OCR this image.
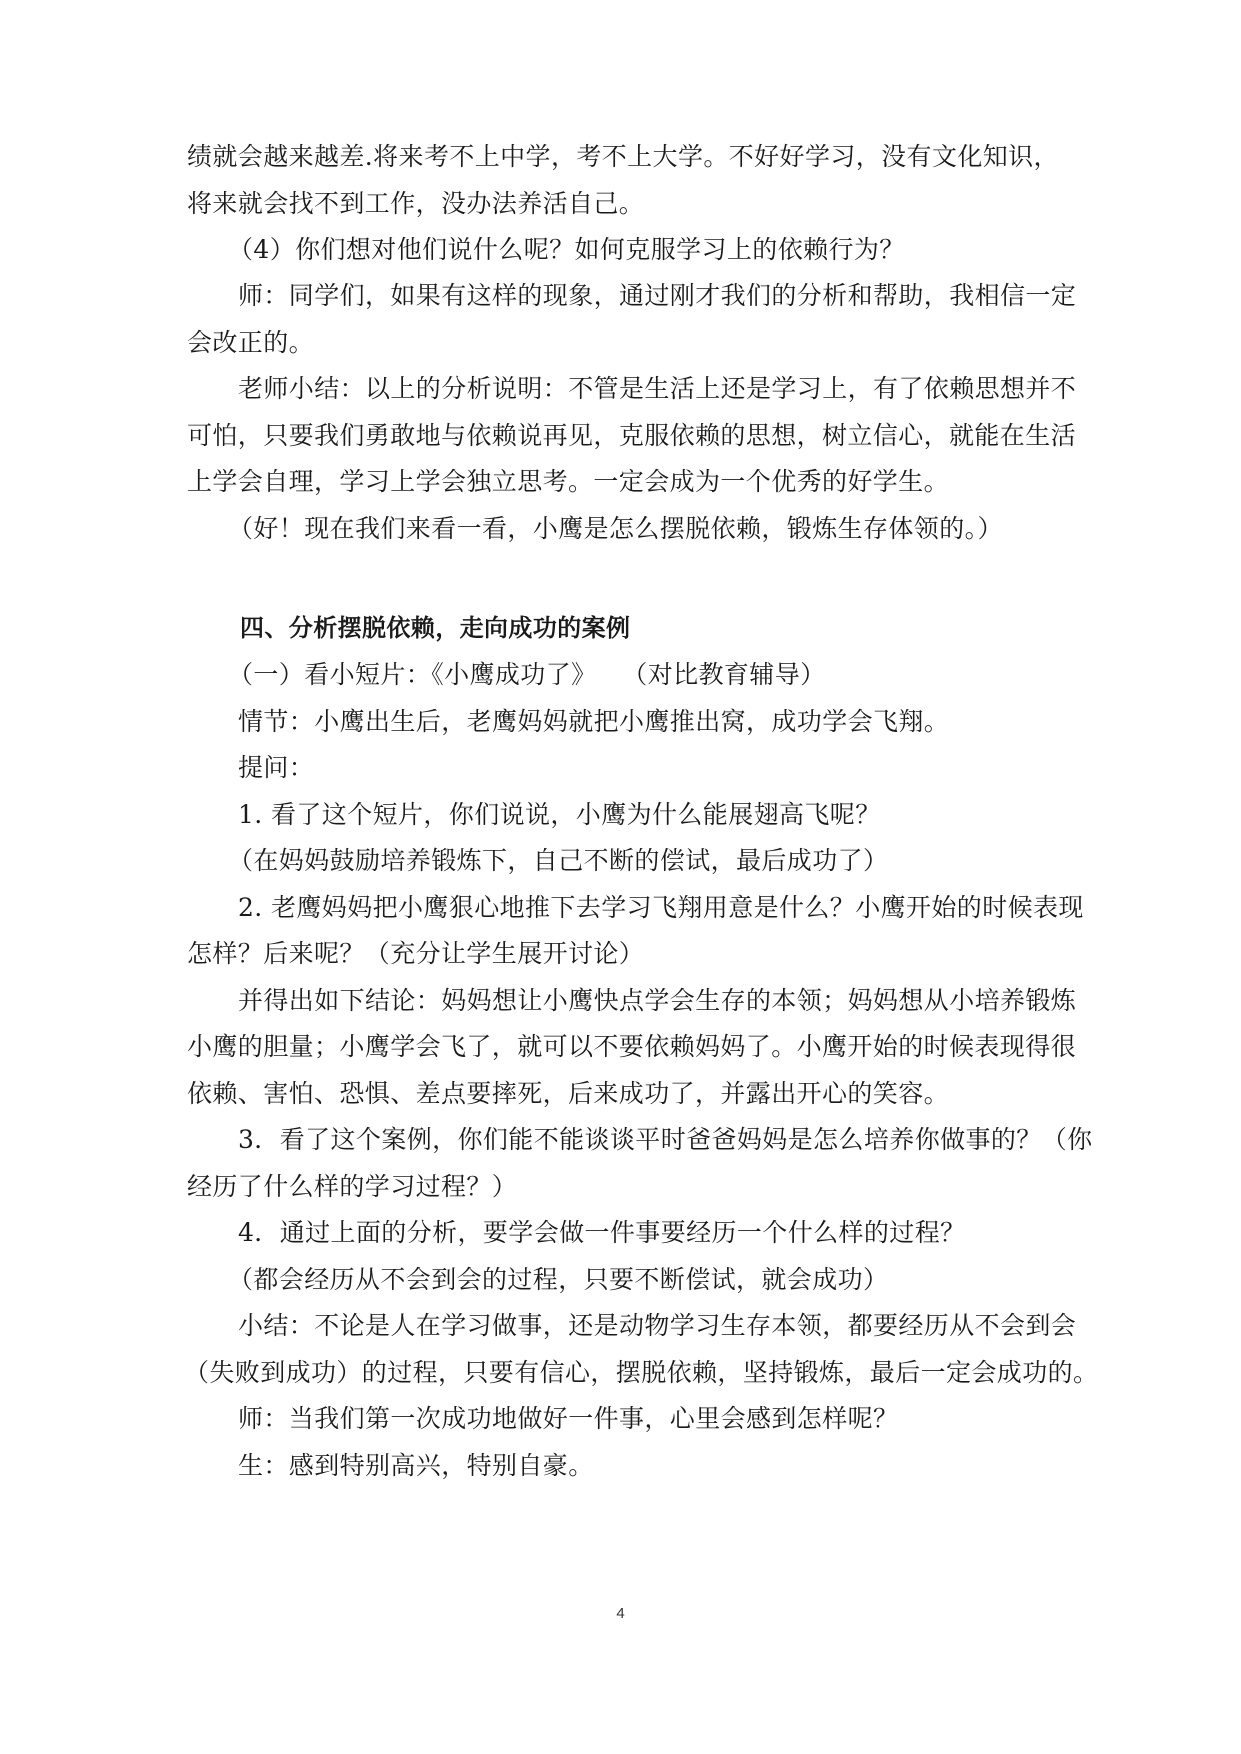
绩就会越来越差.将来考不上中学，考不上大学。不好好学习，没有文化知识，
将来就会找不到工作，没办法养活自己。
（4）你们想对他们说什么呢？如何克服学习上的依赖行为？
师：同学们，如果有这样的现象，通过刚才我们的分析和帮助，我相信一定
会改正的。
老师小结：以上的分析说明：不管是生活上还是学习上，有了依赖思想并不
可怕，只要我们勇敢地与依赖说再见，克服依赖的思想，树立信心，就能在生活
上学会自理，学习上学会独立思考。一定会成为一个优秀的好学生。
（好！现在我们来看一看，小鹰是怎么摆脱依赖，锻炼生存体领的。）
四、分析摆脱依赖，走向成功的案例
（一）看小短片：《小鹰成功了》　　（对比教育辅导）
情节：小鹰出生后，老鹰妈妈就把小鹰推出窝，成功学会飞翔。
提问：
1. 看了这个短片，你们说说，小鹰为什么能展翅高飞呢？
（在妈妈鼓励培养锻炼下，自己不断的偿试，最后成功了）
2. 老鹰妈妈把小鹰狠心地推下去学习飞翔用意是什么？小鹰开始的时候表现
怎样？后来呢？（充分让学生展开讨论）
并得出如下结论：妈妈想让小鹰快点学会生存的本领；妈妈想从小培养锻炼
小鹰的胆量；小鹰学会飞了，就可以不要依赖妈妈了。小鹰开始的时候表现得很
依赖、害怕、恐惧、差点要摔死，后来成功了，并露出开心的笑容。
3．看了这个案例，你们能不能谈谈平时爸爸妈妈是怎么培养你做事的？（你
经历了什么样的学习过程？）
4．通过上面的分析，要学会做一件事要经历一个什么样的过程？
（都会经历从不会到会的过程，只要不断偿试，就会成功）
小结：不论是人在学习做事，还是动物学习生存本领，都要经历从不会到会
（失败到成功）的过程，只要有信心，摆脱依赖，坚持锻炼，最后一定会成功的。
师：当我们第一次成功地做好一件事，心里会感到怎样呢？
生：感到特别高兴，特别自豪。
4
